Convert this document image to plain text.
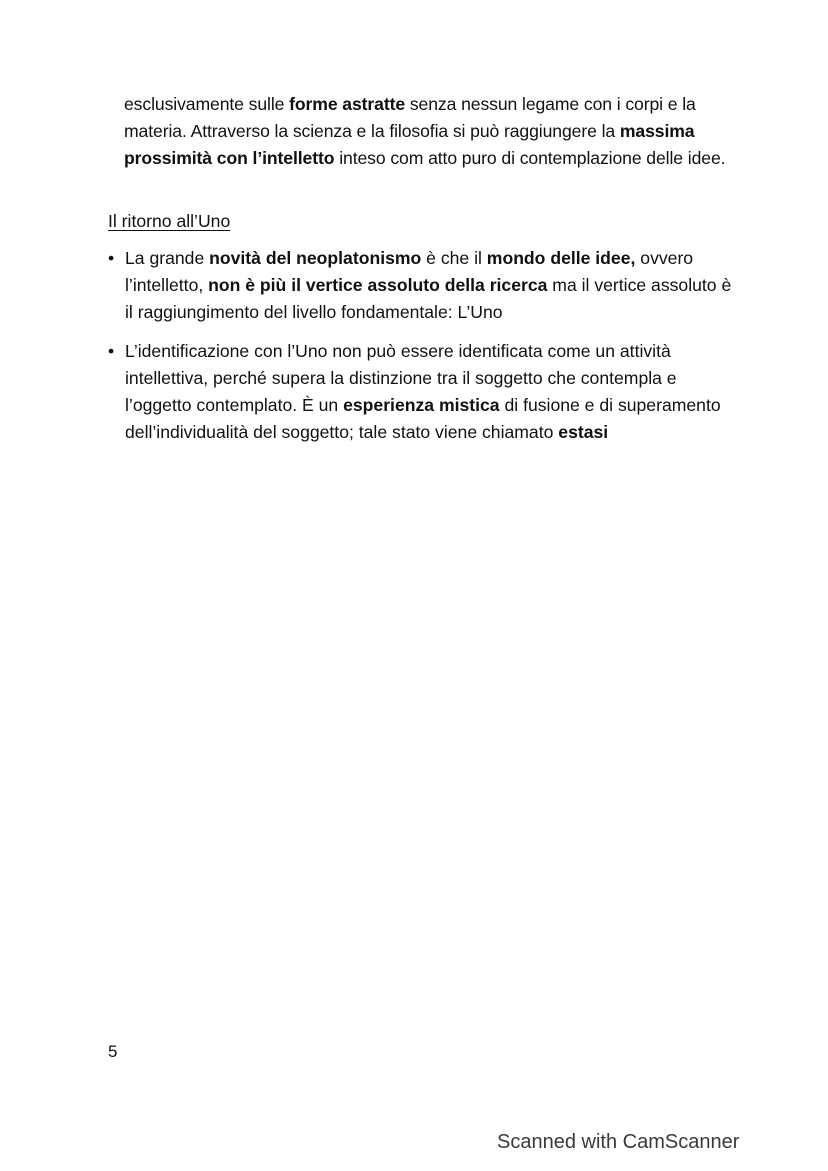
esclusivamente sulle forme astratte senza nessun legame con i corpi e la materia. Attraverso la scienza e la filosofia si può raggiungere la massima prossimità con l’intelletto inteso com atto puro di contemplazione delle idee.
Il ritorno all’Uno
• La grande novità del neoplatonismo è che il mondo delle idee, ovvero l’intelletto, non è più il vertice assoluto della ricerca ma il vertice assoluto è il raggiungimento del livello fondamentale: L’Uno
• L’identificazione con l’Uno non può essere identificata come un attività intellettiva, perché supera la distinzione tra il soggetto che contempla e l’oggetto contemplato. È un esperienza mistica di fusione e di superamento dell’individualità del soggetto; tale stato viene chiamato estasi
5
Scanned with CamScanner
